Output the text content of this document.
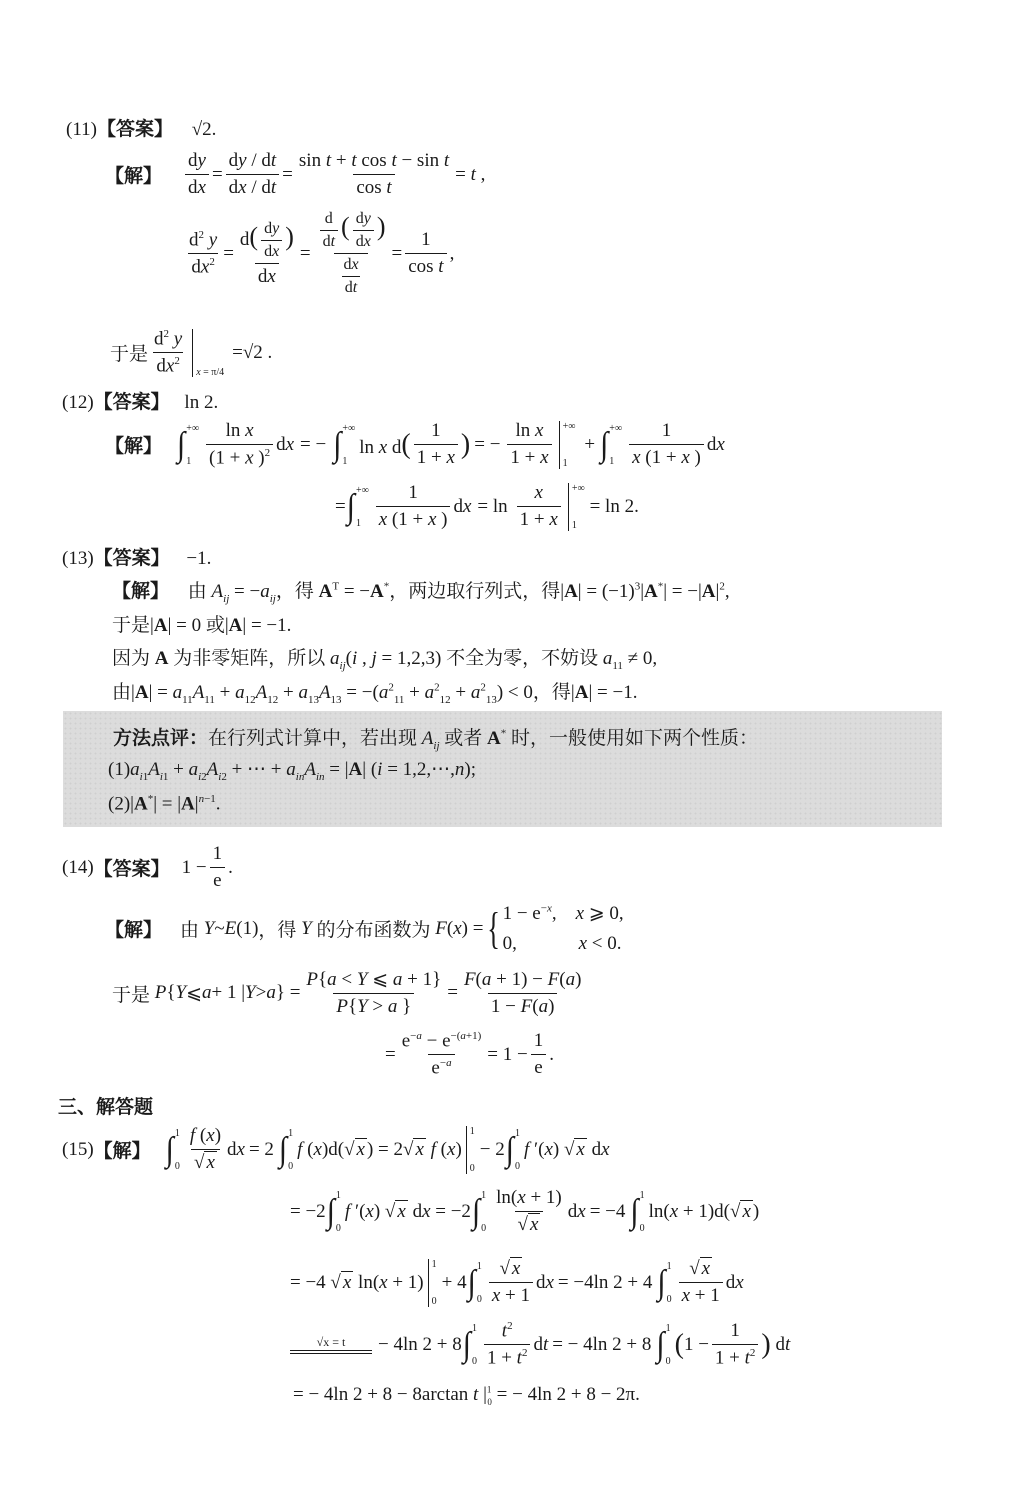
(11)【答案】 √2.
【解】 $\frac{dy}{dx} = \frac{dy / dt}{dx / dt} = \frac{\text{sin t + t cos t − sin t}}{\text{cos t}} = t$ ,
$\frac{d^2 y}{dx^2} = \frac{d( \frac{dy}{dx} )}{dx} = \frac{\frac{d}{dt} ( \frac{dy}{dx} )}{\frac{dx}{dt}} = \frac{1}{\text{cos t}}$ ,
于是 $\frac{d^2 y}{dx^2}$ x = π/4
=√2 .
(12)【答案】 ln 2.
【解】 ∫ +∞
$1 \frac{\text{ln x}}{(1 + x )^2}$ d x = − ∫ +∞
1
ln x $d( \frac{1}{1 + x}$ ) = − $\frac{\text{ln x}}{1 + x}$ +∞
1
+ ∫ +∞
$1 \frac{1}{x (1 + x )}$ d x
= ∫ +∞
$1 \frac{1}{x (1 + x )}$ d $x = \ln \frac{x}{1 + x}$ +∞
1
= ln 2.
(13)【答案】 −1.
【解】 由 $A_{ij} = -a_{ij}$，得 $A^T = -A^*$，两边取行列式，得$|A| = (-1)^3|A^*| = -|A|^2$,
于是|A| = 0 或|A| = −1.
因为 A 为非零矩阵，所以 $a_{ij}(i$ , j = 1,2,3) 不全为零，不妨设 $a_{11} \ne 0$,
由$|A| = a_{11}A_{11} + a_{12}A_{12} + a_{13}A_{13} = -(a^2_{11} + a^2_{12} + a^2_{13}) < 0$，得|A| = −1.
方法点评：在行列式计算中，若出现 $A_{ij}$ 或者 A* 时，一般使用如下两个性质：
$(1)a_{i1}A_{i1} + a_{i2}A_{i2}$ + ⋯ + $a_{in}A_{in} = |A|$ (i = 1,2,⋯,n);
$(2)|A^*| = |A|^{n-1}$.
(14) 【答案】 $1 - \frac{1}{e}$ .
【解】 由
Y ~ E (1) ，得
Y
的分布函数为
F ( x ) = { $1 - e^{-x}$,    x ⩾ 0,
0,             x < 0.
于是
P { Y ⩽ a + 1 | Y > a } = $\frac{P\{a < Y ⩽ a + 1\}}{P\{Y > a \}} = \frac{F(a + 1) - F(a)}{1 - F(a)}$
= $\frac{e^{-a} - e^{-(a+1)}}{e^{-a}} = 1 - \frac{1}{e}$ .
三、解答题
(15) 【解】 ∫ 1
$0 \frac{f (x)}{√ x}$ d x = 2 ∫ 1
0
f (x)d(√ x ) = 2√ x f (x)
1
0
− 2 ∫ 1
0
f ′(x) √ x dx
= −2 ∫ 1
0
f ′(x) √ x dx = −2 ∫ 1
$0 \frac{\ln(x + 1)}{√ x}$ d x = −4 ∫ 1
0
ln(x + 1)d(√ x )
= −4 √ x ln(x + 1)
1
0
+ 4 ∫ 1
$0 \frac{√ x}{x + 1}$ d x = −4ln 2 + 4 ∫ 1
$0 \frac{√ x}{x + 1}$ d x
√x = t − 4ln 2 + 8 ∫ 1
$0 \frac{t^2}{1 + t^2}$ d t = − 4ln 2 + 8 ∫ 1
0
( $1 - \frac{1}{1 + t^2}$ ) dt
= − 4ln 2 + 8 − 8arctan t $|^1_0$ = − 4ln 2 + 8 − 2π.
